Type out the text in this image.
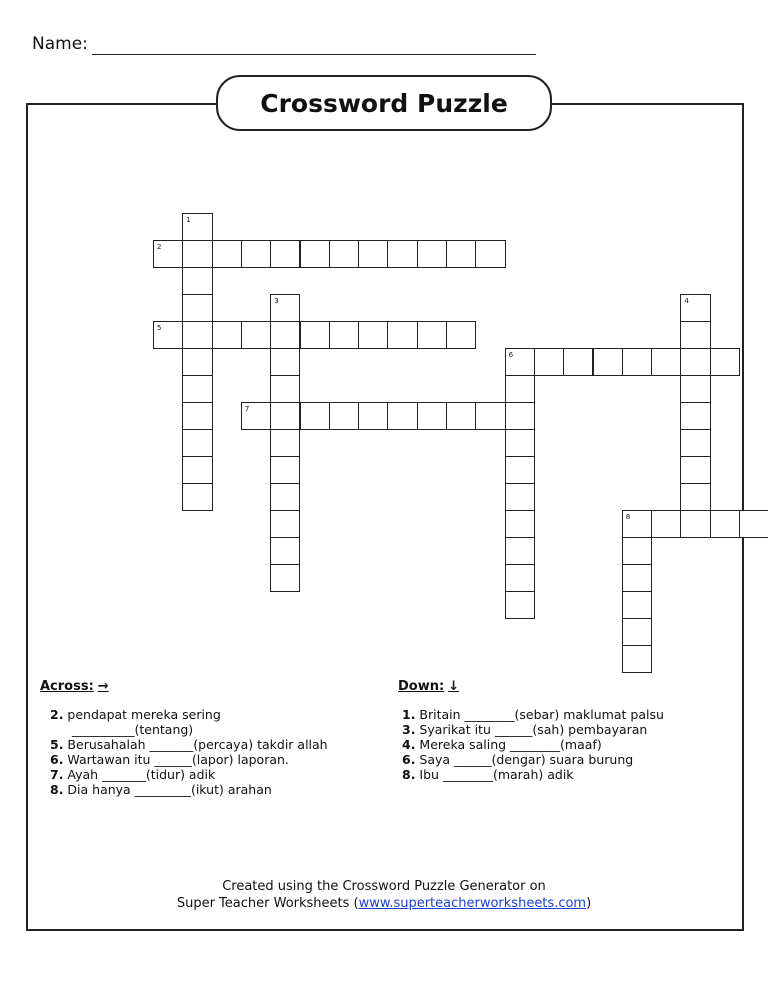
Name:
Crossword Puzzle
1
2
3	4
5
6
7
8
Across: →
2. pendapat mereka sering
__________(tentang)
5. Berusahalah _______(percaya) takdir allah
6. Wartawan itu ______(lapor) laporan.
7. Ayah _______(tidur) adik
8. Dia hanya _________(ikut) arahan
Down: ↓
1. Britain ________(sebar) maklumat palsu
3. Syarikat itu ______(sah) pembayaran
4. Mereka saling ________(maaf)
6. Saya ______(dengar) suara burung
8. Ibu ________(marah) adik
Created using the Crossword Puzzle Generator on
Super Teacher Worksheets (www.superteacherworksheets.com)
